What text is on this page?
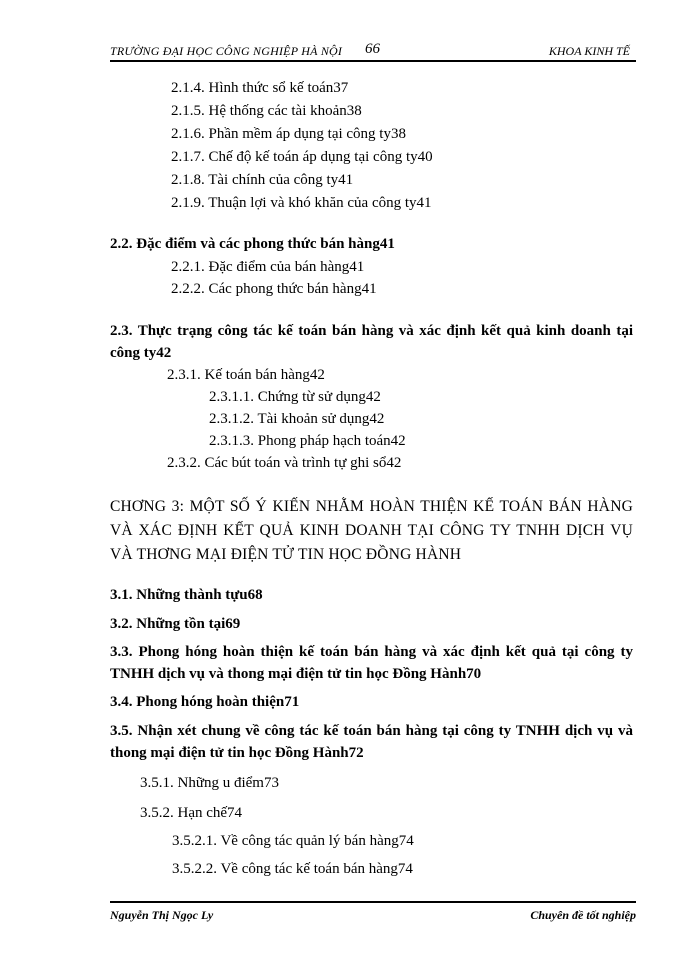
TRƯỜNG ĐẠI HỌC CÔNG NGHIỆP HÀ NỘI 66	KHOA KINH TẾ
2.1.4. Hình thức sổ kế toán37
2.1.5. Hệ thống các tài khoản38
2.1.6. Phần mềm áp dụng tại công ty38
2.1.7. Chế độ kế toán áp dụng tại công ty40
2.1.8. Tài chính của công ty41
2.1.9. Thuận lợi và khó khăn của công ty41
2.2. Đặc điểm và các phong thức bán hàng41
2.2.1. Đặc điểm của bán hàng41
2.2.2. Các phong thức bán hàng41
2.3. Thực trạng công tác kế toán bán hàng và xác định kết quả kinh doanh tại công ty42
2.3.1. Kế toán bán hàng42
2.3.1.1. Chứng từ sử dụng42
2.3.1.2. Tài khoản sử dụng42
2.3.1.3. Phong pháp hạch toán42
2.3.2. Các bút toán và trình tự ghi sổ42
CHƠNG 3: MỘT SỐ Ý KIẾN NHẰM HOÀN THIỆN KẾ TOÁN BÁN HÀNG VÀ XÁC ĐỊNH KẾT QUẢ KINH DOANH TẠI CÔNG TY TNHH DỊCH VỤ VÀ THƠNG MẠI ĐIỆN TỬ TIN HỌC ĐỒNG HÀNH
3.1. Những thành tựu68
3.2. Những tồn tại69
3.3. Phong hóng hoàn thiện kế toán bán hàng và xác định kết quả tại công ty TNHH dịch vụ và thong mại điện tử tin học Đồng Hành70
3.4. Phong hóng hoàn thiện71
3.5. Nhận xét chung về công tác kế toán bán hàng tại công ty TNHH dịch vụ và thong mại điện tử tin học Đồng Hành72
3.5.1. Những u điểm73
3.5.2. Hạn chế74
3.5.2.1. Về công tác quản lý bán hàng74
3.5.2.2. Về công tác kế toán bán hàng74
Nguyễn Thị Ngọc Ly	Chuyên đề tốt nghiệp
